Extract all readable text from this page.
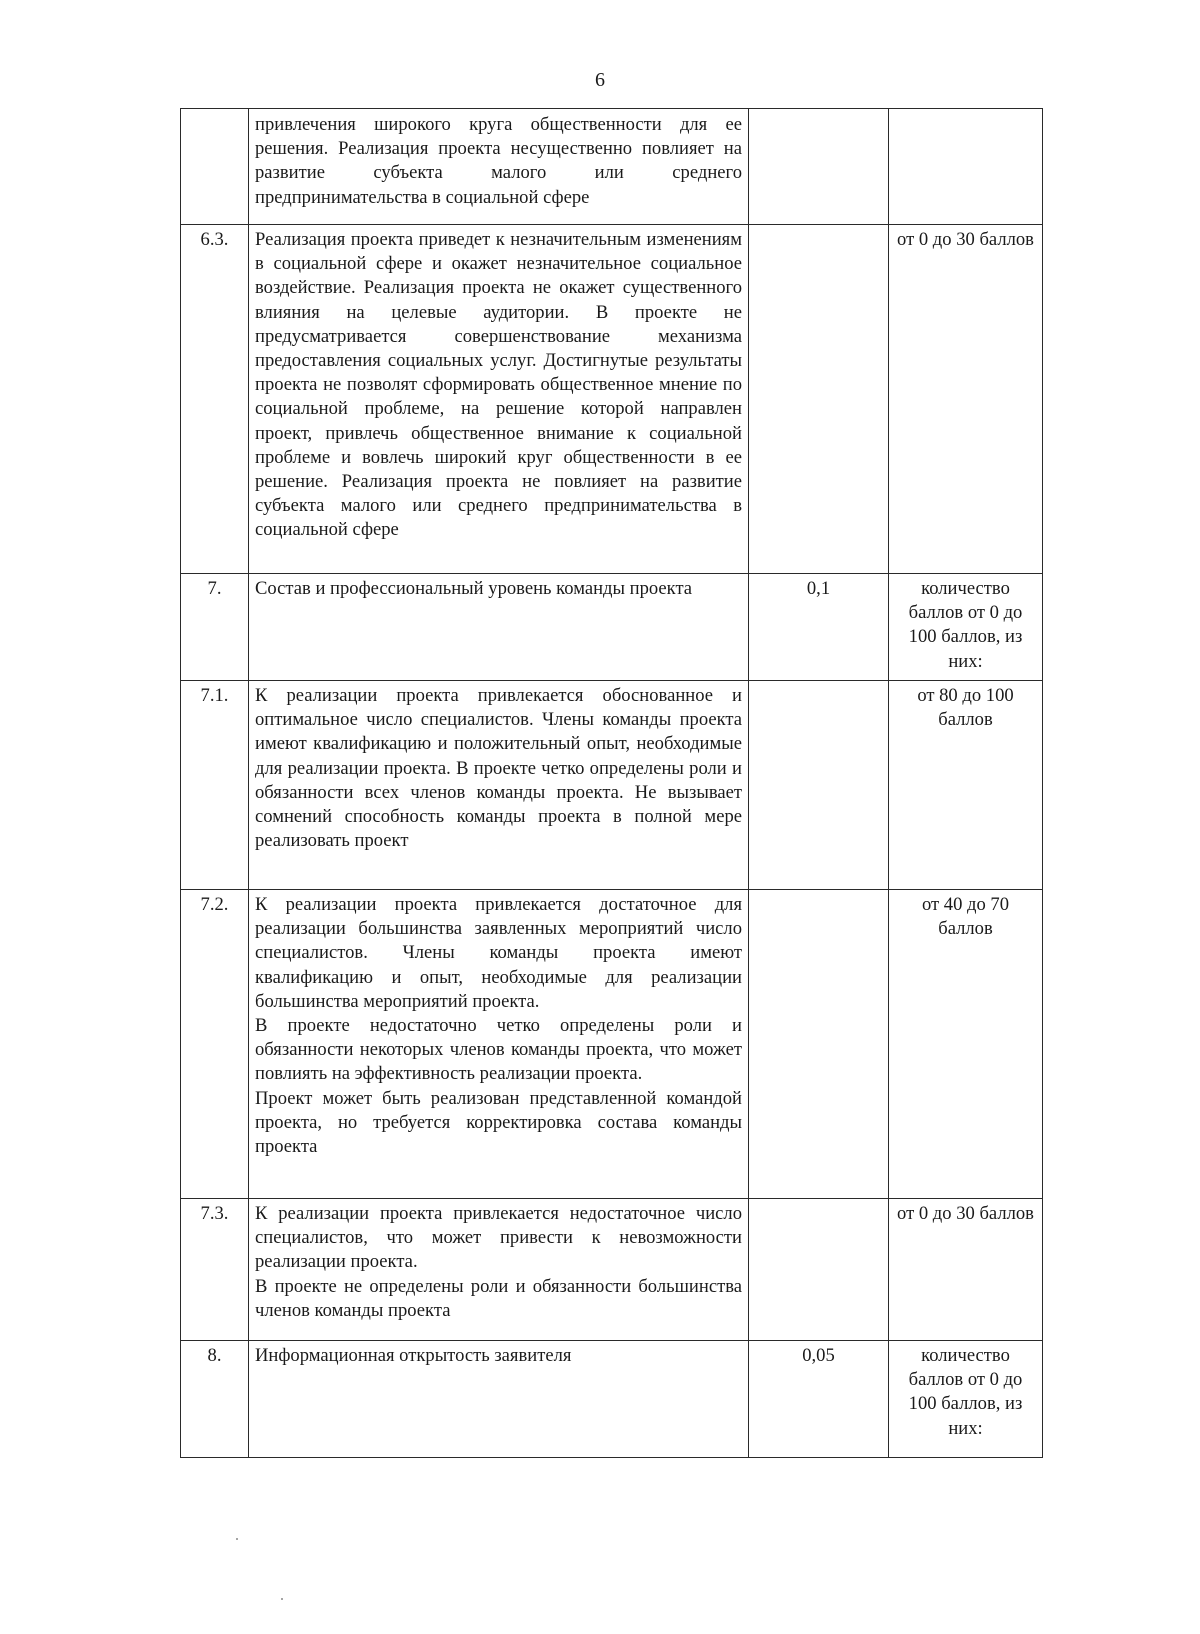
6

	привлечения широкого круга общественности для ее решения. Реализация проекта несущественно повлияет на развитие субъекта малого или среднего предпринимательства в социальной сфере		

6.3.	Реализация проекта приведет к незначительным изменениям в социальной сфере и окажет незначительное социальное воздействие. Реализация проекта не окажет существенного влияния на целевые аудитории. В проекте не предусматривается совершенствование механизма предоставления социальных услуг. Достигнутые результаты проекта не позволят сформировать общественное мнение по социальной проблеме, на решение которой направлен проект, привлечь общественное внимание к социальной проблеме и вовлечь широкий круг общественности в ее решение. Реализация проекта не повлияет на развитие субъекта малого или среднего предпринимательства в социальной сфере		от 0 до 30 баллов
7.	Состав и профессиональный уровень команды проекта	0,1	количество баллов от 0 до 100 баллов, из них:
7.1.	К реализации проекта привлекается обоснованное и оптимальное число специалистов. Члены команды проекта имеют квалификацию и положительный опыт, необходимые для реализации проекта. В проекте четко определены роли и обязанности всех членов команды проекта. Не вызывает сомнений способность команды проекта в полной мере реализовать проект		от 80 до 100 баллов
7.2.	К реализации проекта привлекается достаточное для реализации большинства заявленных мероприятий число специалистов. Члены команды проекта имеют квалификацию и опыт, необходимые для реализации большинства мероприятий проекта.

В проекте недостаточно четко определены роли и обязанности некоторых членов команды проекта, что может повлиять на эффективность реализации проекта.

Проект может быть реализован представленной командой проекта, но требуется корректировка состава команды проекта		от 40 до 70 баллов
7.3.	К реализации проекта привлекается недостаточное число специалистов, что может привести к невозможности реализации проекта.

В проекте не определены роли и обязанности большинства членов команды проекта		от 0 до 30 баллов
8.	Информационная открытость заявителя	0,05	количество баллов от 0 до 100 баллов, из них:
